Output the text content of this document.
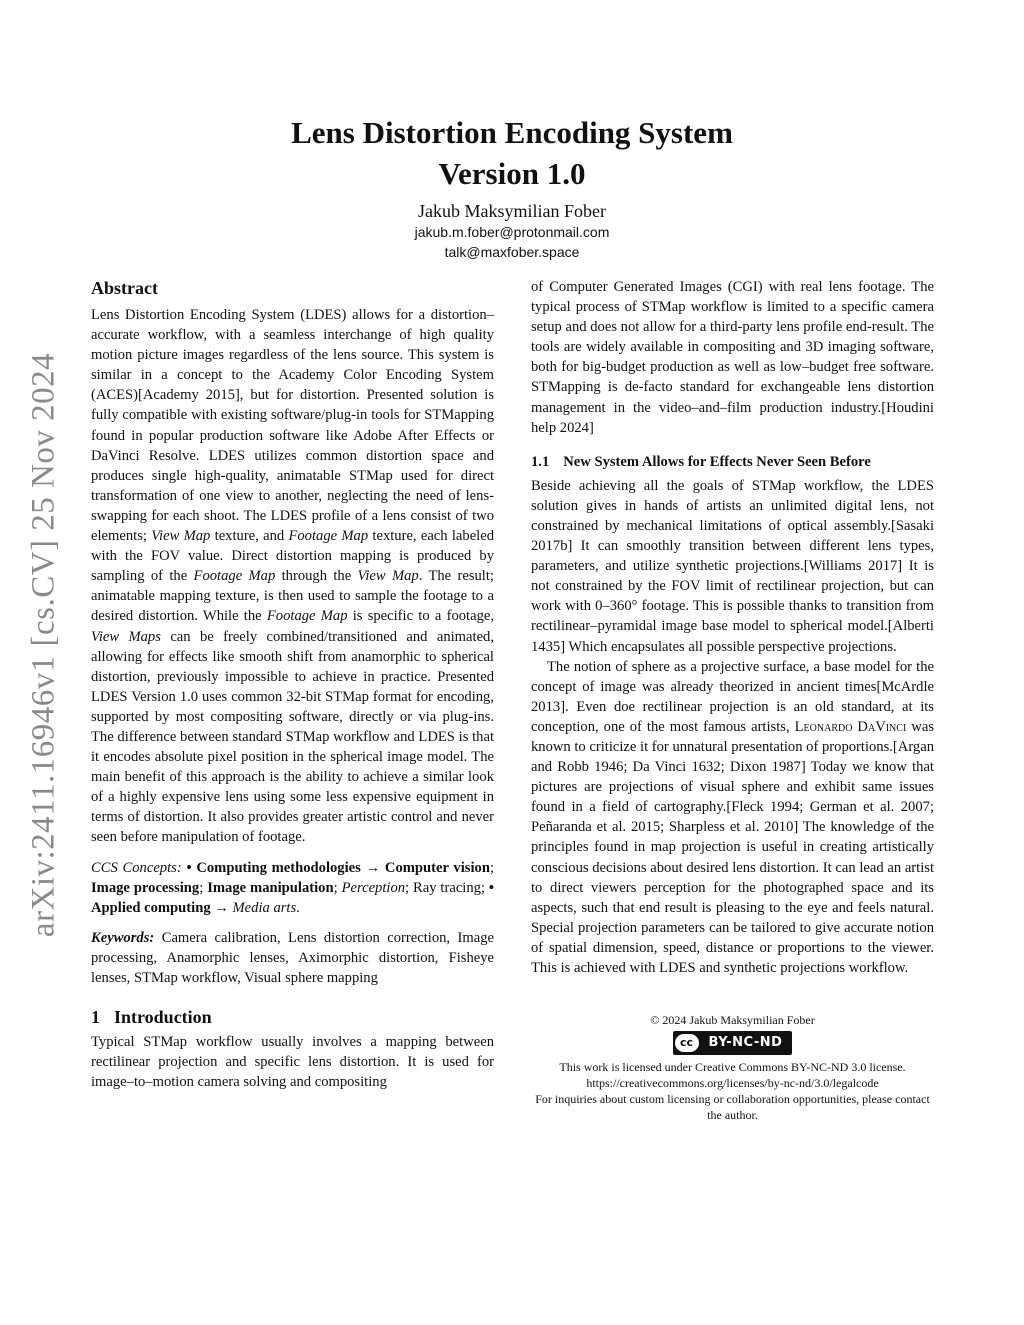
arXiv:2411.16946v1 [cs.CV] 25 Nov 2024
Lens Distortion Encoding System
Version 1.0
Jakub Maksymilian Fober
jakub.m.fober@protonmail.com
talk@maxfober.space
Abstract

Lens Distortion Encoding System (LDES) allows for a distortion–accurate workflow, with a seamless interchange of high quality motion picture images regardless of the lens source. This system is similar in a concept to the Academy Color Encoding System (ACES)[Academy 2015], but for distortion. Presented solution is fully compatible with existing software/plug-in tools for STMapping found in popular production software like Adobe After Effects or DaVinci Resolve. LDES utilizes common distortion space and produces single high-quality, animatable STMap used for direct transformation of one view to another, neglecting the need of lens-swapping for each shoot. The LDES profile of a lens consist of two elements; View Map texture, and Footage Map texture, each labeled with the FOV value. Direct distortion mapping is produced by sampling of the Footage Map through the View Map. The result; animatable mapping texture, is then used to sample the footage to a desired distortion. While the Footage Map is specific to a footage, View Maps can be freely combined/transitioned and animated, allowing for effects like smooth shift from anamorphic to spherical distortion, previously impossible to achieve in practice. Presented LDES Version 1.0 uses common 32-bit STMap format for encoding, supported by most compositing software, directly or via plug-ins. The difference between standard STMap workflow and LDES is that it encodes absolute pixel position in the spherical image model. The main benefit of this approach is the ability to achieve a similar look of a highly expensive lens using some less expensive equipment in terms of distortion. It also provides greater artistic control and never seen before manipulation of footage.

CCS Concepts: • Computing methodologies → Computer vision; Image processing; Image manipulation; Perception; Ray tracing; • Applied computing → Media arts.

Keywords: Camera calibration, Lens distortion correction, Image processing, Anamorphic lenses, Aximorphic distortion, Fisheye lenses, STMap workflow, Visual sphere mapping

1 Introduction

Typical STMap workflow usually involves a mapping between rectilinear projection and specific lens distortion. It is used for image–to–motion camera solving and compositing

of Computer Generated Images (CGI) with real lens footage. The typical process of STMap workflow is limited to a specific camera setup and does not allow for a third-party lens profile end-result. The tools are widely available in compositing and 3D imaging software, both for big-budget production as well as low–budget free software. STMapping is de-facto standard for exchangeable lens distortion management in the video–and–film production industry.[Houdini help 2024]

1.1 New System Allows for Effects Never Seen Before

Beside achieving all the goals of STMap workflow, the LDES solution gives in hands of artists an unlimited digital lens, not constrained by mechanical limitations of optical assembly.[Sasaki 2017b] It can smoothly transition between different lens types, parameters, and utilize synthetic projections.[Williams 2017] It is not constrained by the FOV limit of rectilinear projection, but can work with 0–360° footage. This is possible thanks to transition from rectilinear–pyramidal image base model to spherical model.[Alberti 1435] Which encapsulates all possible perspective projections.

The notion of sphere as a projective surface, a base model for the concept of image was already theorized in ancient times[McArdle 2013]. Even doe rectilinear projection is an old standard, at its conception, one of the most famous artists, Leonardo DaVinci was known to criticize it for unnatural presentation of proportions.[Argan and Robb 1946; Da Vinci 1632; Dixon 1987] Today we know that pictures are projections of visual sphere and exhibit same issues found in a field of cartography.[Fleck 1994; German et al. 2007; Peñaranda et al. 2015; Sharpless et al. 2010] The knowledge of the principles found in map projection is useful in creating artistically conscious decisions about desired lens distortion. It can lead an artist to direct viewers perception for the photographed space and its aspects, such that end result is pleasing to the eye and feels natural. Special projection parameters can be tailored to give accurate notion of spatial dimension, speed, distance or proportions to the viewer. This is achieved with LDES and synthetic projections workflow.

© 2024 Jakub Maksymilian Fober
cc	BY-NC-ND
This work is licensed under Creative Commons BY-NC-ND 3.0 license.
https://creativecommons.org/licenses/by-nc-nd/3.0/legalcode
For inquiries about custom licensing or collaboration opportunities, please contact the author.
